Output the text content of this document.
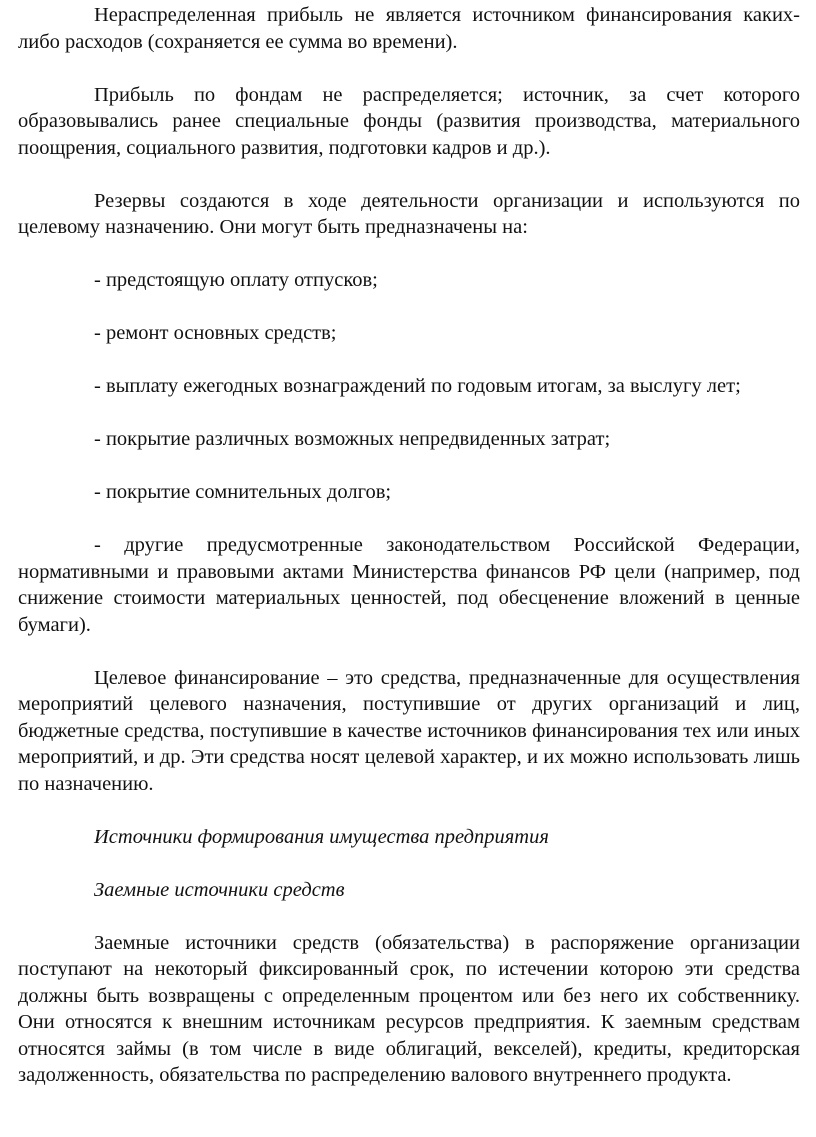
Нераспределенная прибыль не является источником финансирования каких-либо расходов (сохраняется ее сумма во времени).

Прибыль по фондам не распределяется; источник, за счет которого образовывались ранее специальные фонды (развития производства, материального поощрения, социального развития, подготовки кадров и др.).

Резервы создаются в ходе деятельности организации и используются по целевому назначению. Они могут быть предназначены на:

- предстоящую оплату отпусков;

- ремонт основных средств;

- выплату ежегодных вознаграждений по годовым итогам, за выслугу лет;

- покрытие различных возможных непредвиденных затрат;

- покрытие сомнительных долгов;

- другие предусмотренные законодательством Российской Федерации, нормативными и правовыми актами Министерства финансов РФ цели (например, под снижение стоимости материальных ценностей, под обесценение вложений в ценные бумаги).

Целевое финансирование – это средства, предназначенные для осуществления мероприятий целевого назначения, поступившие от других организаций и лиц, бюджетные средства, поступившие в качестве источников финансирования тех или иных мероприятий, и др. Эти средства носят целевой характер, и их можно использовать лишь по назначению.

Источники формирования имущества предприятия

Заемные источники средств

Заемные источники средств (обязательства) в распоряжение организации поступают на некоторый фиксированный срок, по истечении которою эти средства должны быть возвращены с определенным процентом или без него их собственнику. Они относятся к внешним источникам ресурсов предприятия. К заемным средствам относятся займы (в том числе в виде облигаций, векселей), кредиты, кредиторская задолженность, обязательства по распределению валового внутреннего продукта.
